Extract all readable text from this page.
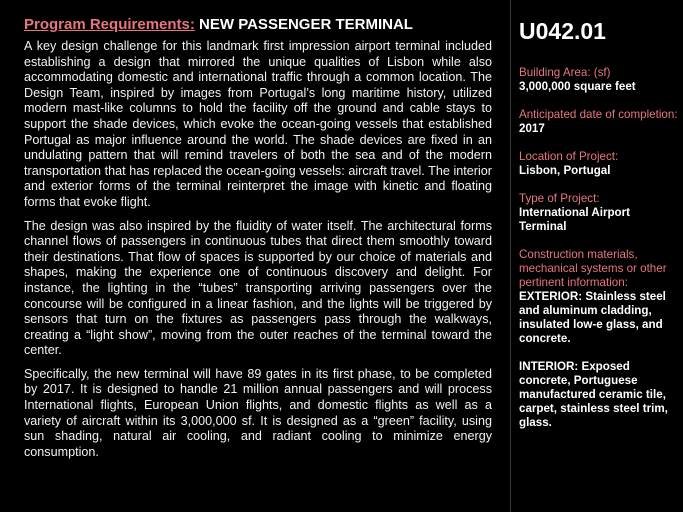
Program Requirements: NEW PASSENGER TERMINAL

A key design challenge for this landmark first impression airport terminal included establishing a design that mirrored the unique qualities of Lisbon while also accommodating domestic and international traffic through a common location. The Design Team, inspired by images from Portugal’s long maritime history, utilized modern mast-like columns to hold the facility off the ground and cable stays to support the shade devices, which evoke the ocean-going vessels that established Portugal as major influence around the world. The shade devices are fixed in an undulating pattern that will remind travelers of both the sea and of the modern transportation that has replaced the ocean-going vessels: aircraft travel. The interior and exterior forms of the terminal reinterpret the image with kinetic and floating forms that evoke flight.

The design was also inspired by the fluidity of water itself. The architectural forms channel flows of passengers in continuous tubes that direct them smoothly toward their destinations. That flow of spaces is supported by our choice of materials and shapes, making the experience one of continuous discovery and delight. For instance, the lighting in the “tubes” transporting arriving passengers over the concourse will be configured in a linear fashion, and the lights will be triggered by sensors that turn on the fixtures as passengers pass through the walkways, creating a “light show”, moving from the outer reaches of the terminal toward the center.

Specifically, the new terminal will have 89 gates in its first phase, to be completed by 2017. It is designed to handle 21 million annual passengers and will process International flights, European Union flights, and domestic flights as well as a variety of aircraft within its 3,000,000 sf. It is designed as a “green” facility, using sun shading, natural air cooling, and radiant cooling to minimize energy consumption.

U042.01
Building Area: (sf)
3,000,000 square feet
Anticipated date of completion:
2017
Location of Project:
Lisbon, Portugal
Type of Project:
International Airport Terminal
Construction materials, mechanical systems or other pertinent information:
EXTERIOR: Stainless steel and aluminum cladding, insulated low-e glass, and concrete.
INTERIOR: Exposed concrete, Portuguese manufactured ceramic tile, carpet, stainless steel trim, glass.
